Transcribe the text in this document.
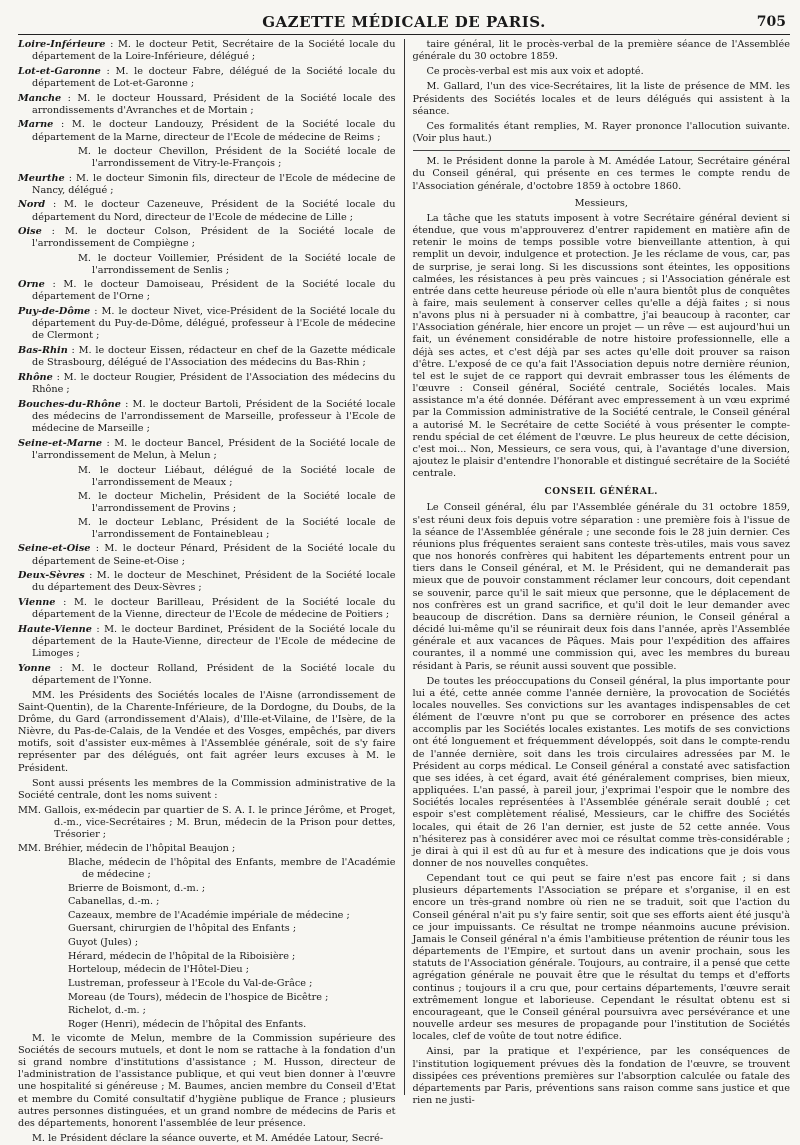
GAZETTE MÉDICALE DE PARIS.	705

Loire-Inférieure : M. le docteur Petit, Secrétaire de la Société locale du département de la Loire-Inférieure, délégué ;

Lot-et-Garonne : M. le docteur Fabre, délégué de la Société locale du département de Lot-et-Garonne ;

Manche : M. le docteur Houssard, Président de la Société locale des arrondissements d'Avranches et de Mortain ;

Marne : M. le docteur Landouzy, Président de la Société locale du département de la Marne, directeur de l'Ecole de médecine de Reims ;

M. le docteur Chevillon, Président de la Société locale de l'arrondissement de Vitry-le-François ;

Meurthe : M. le docteur Simonin fils, directeur de l'Ecole de médecine de Nancy, délégué ;

Nord : M. le docteur Cazeneuve, Président de la Société locale du département du Nord, directeur de l'Ecole de médecine de Lille ;

Oise : M. le docteur Colson, Président de la Société locale de l'arrondissement de Compiègne ;

M. le docteur Voillemier, Président de la Société locale de l'arrondissement de Senlis ;

Orne : M. le docteur Damoiseau, Président de la Société locale du département de l'Orne ;

Puy-de-Dôme : M. le docteur Nivet, vice-Président de la Société locale du département du Puy-de-Dôme, délégué, professeur à l'Ecole de médecine de Clermont ;

Bas-Rhin : M. le docteur Eissen, rédacteur en chef de la Gazette médicale de Strasbourg, délégué de l'Association des médecins du Bas-Rhin ;

Rhône : M. le docteur Rougier, Président de l'Association des médecins du Rhône ;

Bouches-du-Rhône : M. le docteur Bartoli, Président de la Société locale des médecins de l'arrondissement de Marseille, professeur à l'Ecole de médecine de Marseille ;

Seine-et-Marne : M. le docteur Bancel, Président de la Société locale de l'arrondissement de Melun, à Melun ;

M. le docteur Liébaut, délégué de la Société locale de l'arrondissement de Meaux ;

M. le docteur Michelin, Président de la Société locale de l'arrondissement de Provins ;

M. le docteur Leblanc, Président de la Société locale de l'arrondissement de Fontainebleau ;

Seine-et-Oise : M. le docteur Pénard, Président de la Société locale du département de Seine-et-Oise ;

Deux-Sèvres : M. le docteur de Meschinet, Président de la Société locale du département des Deux-Sèvres ;

Vienne : M. le docteur Barilleau, Président de la Société locale du département de la Vienne, directeur de l'Ecole de médecine de Poitiers ;

Haute-Vienne : M. le docteur Bardinet, Président de la Société locale du département de la Haute-Vienne, directeur de l'Ecole de médecine de Limoges ;

Yonne : M. le docteur Rolland, Président de la Société locale du département de l'Yonne.

MM. les Présidents des Sociétés locales de l'Aisne (arrondissement de Saint-Quentin), de la Charente-Inférieure, de la Dordogne, du Doubs, de la Drôme, du Gard (arrondissement d'Alais), d'Ille-et-Vilaine, de l'Isère, de la Nièvre, du Pas-de-Calais, de la Vendée et des Vosges, empêchés, par divers motifs, soit d'assister eux-mêmes à l'Assemblée générale, soit de s'y faire représenter par des délégués, ont fait agréer leurs excuses à M. le Président.

Sont aussi présents les membres de la Commission administrative de la Société centrale, dont les noms suivent :

MM. Gallois, ex-médecin par quartier de S. A. I. le prince Jérôme, et Proget, d.-m., vice-Secrétaires ; M. Brun, médecin de la Prison pour dettes, Trésorier ;

MM. Bréhier, médecin de l'hôpital Beaujon ;

Blache, médecin de l'hôpital des Enfants, membre de l'Académie de médecine ;

Brierre de Boismont, d.-m. ;

Cabanellas, d.-m. ;

Cazeaux, membre de l'Académie impériale de médecine ;

Guersant, chirurgien de l'hôpital des Enfants ;

Guyot (Jules) ;

Hérard, médecin de l'hôpital de la Riboisière ;

Horteloup, médecin de l'Hôtel-Dieu ;

Lustreman, professeur à l'Ecole du Val-de-Grâce ;

Moreau (de Tours), médecin de l'hospice de Bicêtre ;

Richelot, d.-m. ;

Roger (Henri), médecin de l'hôpital des Enfants.

M. le vicomte de Melun, membre de la Commission supérieure des Sociétés de secours mutuels, et dont le nom se rattache à la fondation d'un si grand nombre d'institutions d'assistance ; M. Husson, directeur de l'administration de l'assistance publique, et qui veut bien donner à l'œuvre une hospitalité si généreuse ; M. Baumes, ancien membre du Conseil d'Etat et membre du Comité consultatif d'hygiène publique de France ; plusieurs autres personnes distinguées, et un grand nombre de médecins de Paris et des départements, honorent l'assemblée de leur présence.

M. le Président déclare la séance ouverte, et M. Amédée Latour, Secré-

taire général, lit le procès-verbal de la première séance de l'Assemblée générale du 30 octobre 1859.

Ce procès-verbal est mis aux voix et adopté.

M. Gallard, l'un des vice-Secrétaires, lit la liste de présence de MM. les Présidents des Sociétés locales et de leurs délégués qui assistent à la séance.

Ces formalités étant remplies, M. Rayer prononce l'allocution suivante. (Voir plus haut.)

M. le Président donne la parole à M. Amédée Latour, Secrétaire général du Conseil général, qui présente en ces termes le compte rendu de l'Association générale, d'octobre 1859 à octobre 1860.

Messieurs,

La tâche que les statuts imposent à votre Secrétaire général devient si étendue, que vous m'approuverez d'entrer rapidement en matière afin de retenir le moins de temps possible votre bienveillante attention, à qui remplit un devoir, indulgence et protection. Je les réclame de vous, car, pas de surprise, je serai long. Si les discussions sont éteintes, les oppositions calmées, les résistances à peu près vaincues ; si l'Association générale est entrée dans cette heureuse période où elle n'aura bientôt plus de conquêtes à faire, mais seulement à conserver celles qu'elle a déjà faites ; si nous n'avons plus ni à persuader ni à combattre, j'ai beaucoup à raconter, car l'Association générale, hier encore un projet — un rêve — est aujourd'hui un fait, un événement considérable de notre histoire professionnelle, elle a déjà ses actes, et c'est déjà par ses actes qu'elle doit prouver sa raison d'être. L'exposé de ce qu'a fait l'Association depuis notre dernière réunion, tel est le sujet de ce rapport qui devrait embrasser tous les éléments de l'œuvre : Conseil général, Société centrale, Sociétés locales. Mais assistance m'a été donnée. Déférant avec empressement à un vœu exprimé par la Commission administrative de la Société centrale, le Conseil général a autorisé M. le Secrétaire de cette Société à vous présenter le compte-rendu spécial de cet élément de l'œuvre. Le plus heureux de cette décision, c'est moi... Non, Messieurs, ce sera vous, qui, à l'avantage d'une diversion, ajoutez le plaisir d'entendre l'honorable et distingué secrétaire de la Société centrale.

CONSEIL GÉNÉRAL.

Le Conseil général, élu par l'Assemblée générale du 31 octobre 1859, s'est réuni deux fois depuis votre séparation : une première fois à l'issue de la séance de l'Assemblée générale ; une seconde fois le 28 juin dernier. Ces réunions plus fréquentes seraient sans conteste très-utiles, mais vous savez que nos honorés confrères qui habitent les départements entrent pour un tiers dans le Conseil général, et M. le Président, qui ne demanderait pas mieux que de pouvoir constamment réclamer leur concours, doit cependant se souvenir, parce qu'il le sait mieux que personne, que le déplacement de nos confrères est un grand sacrifice, et qu'il doit le leur demander avec beaucoup de discrétion. Dans sa dernière réunion, le Conseil général a décidé lui-même qu'il se réunirait deux fois dans l'année, après l'Assemblée générale et aux vacances de Pâques. Mais pour l'expédition des affaires courantes, il a nommé une commission qui, avec les membres du bureau résidant à Paris, se réunit aussi souvent que possible.

De toutes les préoccupations du Conseil général, la plus importante pour lui a été, cette année comme l'année dernière, la provocation de Sociétés locales nouvelles. Ses convictions sur les avantages indispensables de cet élément de l'œuvre n'ont pu que se corroborer en présence des actes accomplis par les Sociétés locales existantes. Les motifs de ses convictions ont été longuement et fréquemment développés, soit dans le compte-rendu de l'année dernière, soit dans les trois circulaires adressées par M. le Président au corps médical. Le Conseil général a constaté avec satisfaction que ses idées, à cet égard, avait été généralement comprises, bien mieux, appliquées. L'an passé, à pareil jour, j'exprimai l'espoir que le nombre des Sociétés locales représentées à l'Assemblée générale serait doublé ; cet espoir s'est complètement réalisé, Messieurs, car le chiffre des Sociétés locales, qui était de 26 l'an dernier, est juste de 52 cette année. Vous n'hésiterez pas à considérer avec moi ce résultat comme très-considérable ; je dirai à qui il est dû au fur et à mesure des indications que je dois vous donner de nos nouvelles conquêtes.

Cependant tout ce qui peut se faire n'est pas encore fait ; si dans plusieurs départements l'Association se prépare et s'organise, il en est encore un très-grand nombre où rien ne se traduit, soit que l'action du Conseil général n'ait pu s'y faire sentir, soit que ses efforts aient été jusqu'à ce jour impuissants. Ce résultat ne trompe néanmoins aucune prévision. Jamais le Conseil général n'a émis l'ambitieuse prétention de réunir tous les départements de l'Empire, et surtout dans un avenir prochain, sous les statuts de l'Association générale. Toujours, au contraire, il a pensé que cette agrégation générale ne pouvait être que le résultat du temps et d'efforts continus ; toujours il a cru que, pour certains départements, l'œuvre serait extrêmement longue et laborieuse. Cependant le résultat obtenu est si encourageant, que le Conseil général poursuivra avec persévérance et une nouvelle ardeur ses mesures de propagande pour l'institution de Sociétés locales, clef de voûte de tout notre édifice.

Ainsi, par la pratique et l'expérience, par les conséquences de l'institution logiquement prévues dès la fondation de l'œuvre, se trouvent dissipées ces préventions premières sur l'absorption calculée ou fatale des départements par Paris, préventions sans raison comme sans justice et que rien ne justi-
